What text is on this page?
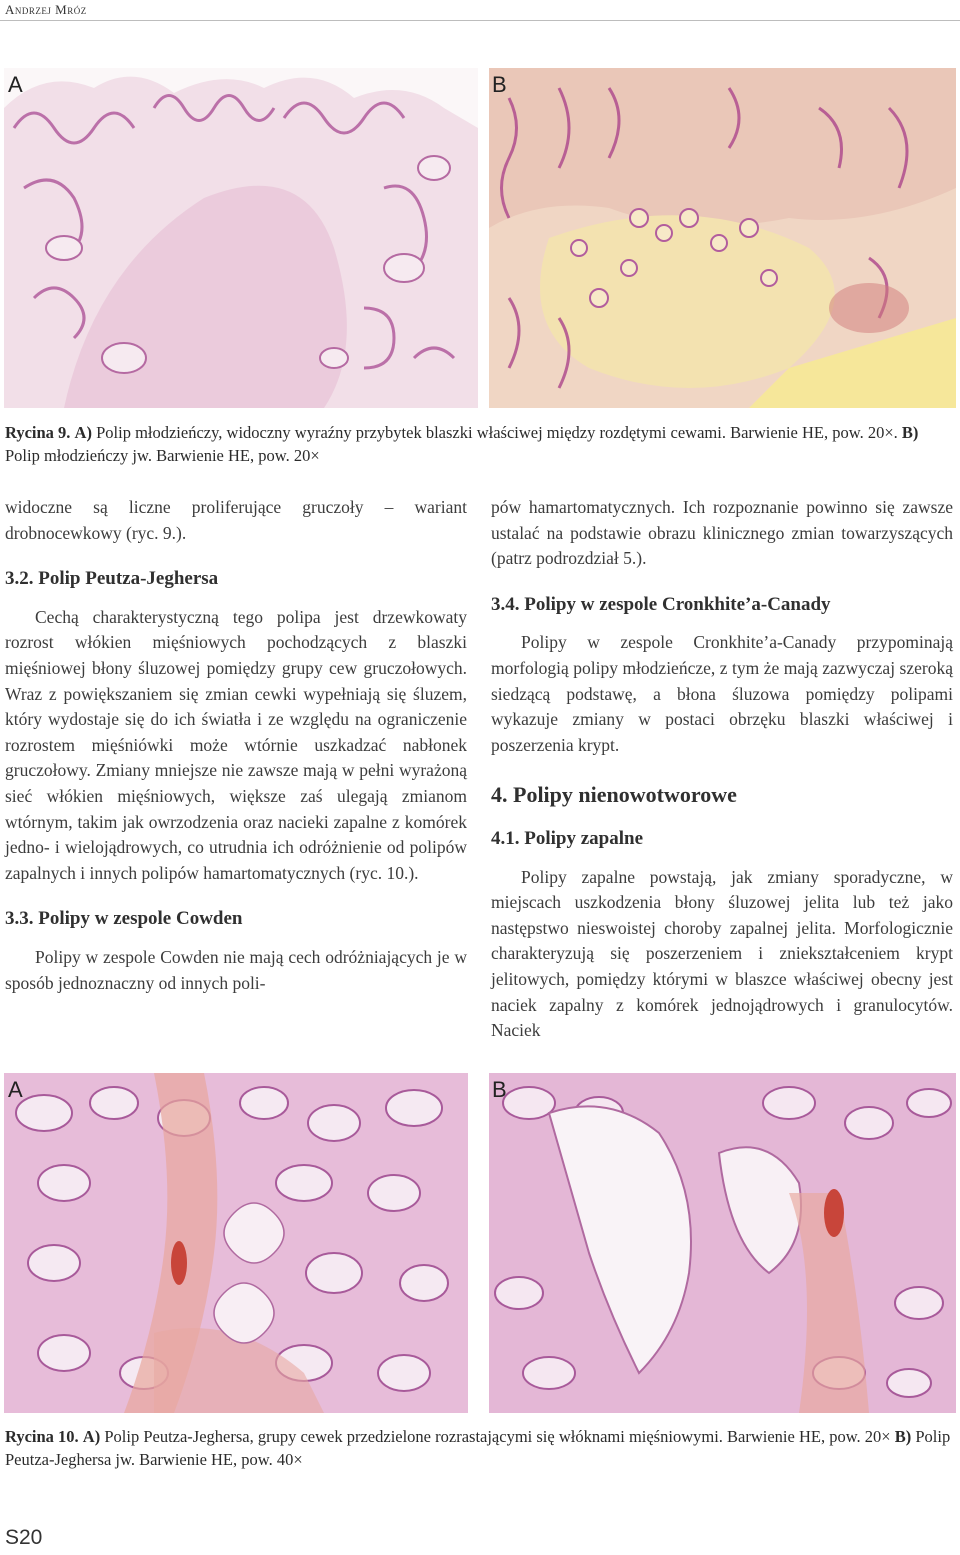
Andrzej Mróz
A	B
Rycina 9. A) Polip młodzieńczy, widoczny wyraźny przybytek blaszki właściwej między rozdętymi cewami. Barwienie HE, pow. 20×. B) Polip młodzieńczy jw. Barwienie HE, pow. 20×

widoczne są liczne proliferujące gruczoły – wariant drobnocewkowy (ryc. 9.).

3.2. Polip Peutza-Jeghersa

Cechą charakterystyczną tego polipa jest drzewkowaty rozrost włókien mięśniowych pochodzących z blaszki mięśniowej błony śluzowej pomiędzy grupy cew gruczołowych. Wraz z powiększaniem się zmian cewki wypełniają się śluzem, który wydostaje się do ich światła i ze względu na ograniczenie rozrostem mięśniówki może wtórnie uszkadzać nabłonek gruczołowy. Zmiany mniejsze nie zawsze mają w pełni wyrażoną sieć włókien mięśniowych, większe zaś ulegają zmianom wtórnym, takim jak owrzodzenia oraz nacieki zapalne z komórek jedno- i wielojądrowych, co utrudnia ich odróżnienie od polipów zapalnych i innych polipów hamartomatycznych (ryc. 10.).

3.3. Polipy w zespole Cowden

Polipy w zespole Cowden nie mają cech odróżniających je w sposób jednoznaczny od innych poli-

pów hamartomatycznych. Ich rozpoznanie powinno się zawsze ustalać na podstawie obrazu klinicznego zmian towarzyszących (patrz podrozdział 5.).

3.4. Polipy w zespole Cronkhite’a-Canady

Polipy w zespole Cronkhite’a-Canady przypominają morfologią polipy młodzieńcze, z tym że mają zazwyczaj szeroką siedzącą podstawę, a błona śluzowa pomiędzy polipami wykazuje zmiany w postaci obrzęku blaszki właściwej i poszerzenia krypt.

4. Polipy nienowotworowe

4.1. Polipy zapalne

Polipy zapalne powstają, jak zmiany sporadyczne, w miejscach uszkodzenia błony śluzowej jelita lub też jako następstwo nieswoistej choroby zapalnej jelita. Morfologicznie charakteryzują się poszerzeniem i zniekształceniem krypt jelitowych, pomiędzy którymi w blaszce właściwej obecny jest naciek zapalny z komórek jednojądrowych i granulocytów. Naciek

A	B
Rycina 10. A) Polip Peutza-Jeghersa, grupy cewek przedzielone rozrastającymi się włóknami mięśniowymi. Barwienie HE, pow. 20× B) Polip Peutza-Jeghersa jw. Barwienie HE, pow. 40×
S20
